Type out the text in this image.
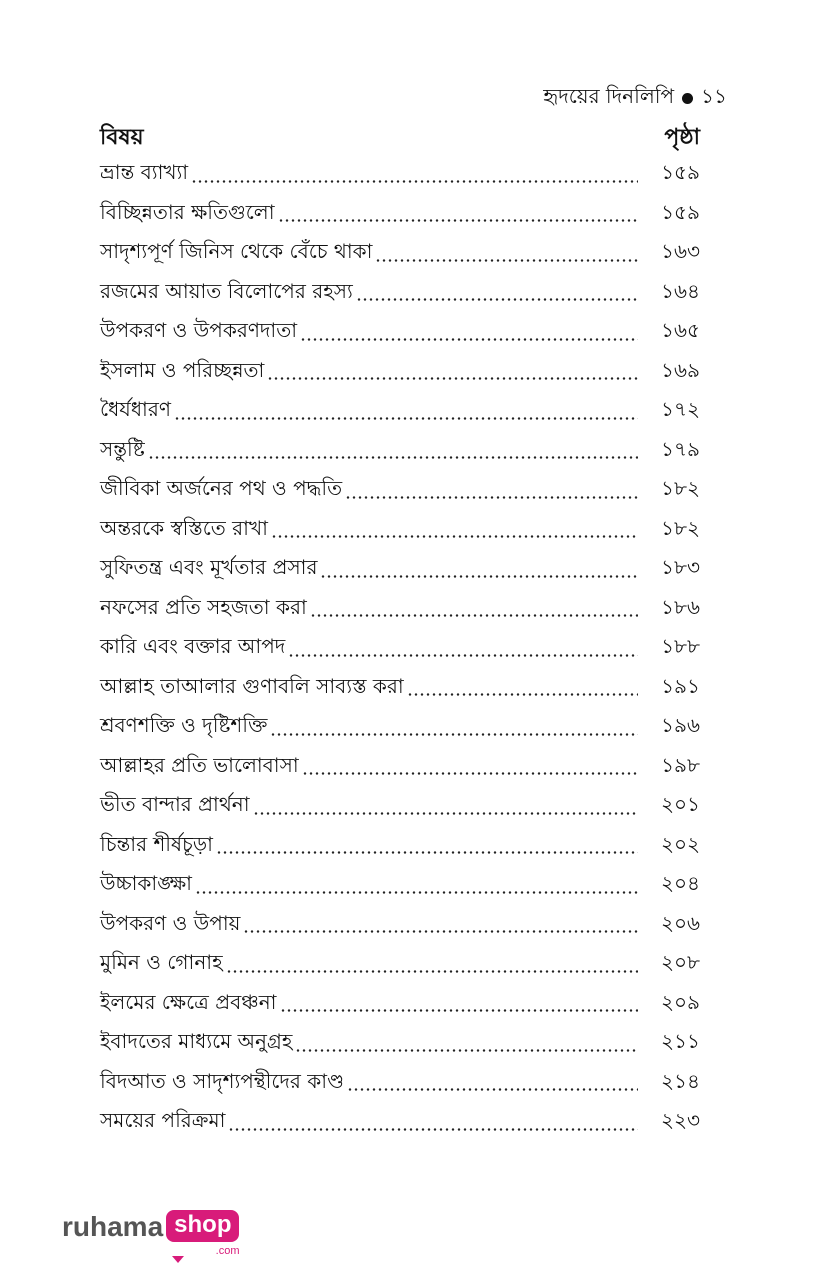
হৃদয়ের দিনলিপি ১১
বিষয়	পৃষ্ঠা
ভ্রান্ত ব্যাখ্যা	১৫৯
বিচ্ছিন্নতার ক্ষতিগুলো	১৫৯
সাদৃশ্যপূর্ণ জিনিস থেকে বেঁচে থাকা	১৬৩
রজমের আয়াত বিলোপের রহস্য	১৬৪
উপকরণ ও উপকরণদাতা	১৬৫
ইসলাম ও পরিচ্ছন্নতা	১৬৯
ধৈর্যধারণ	১৭২
সন্তুষ্টি	১৭৯
জীবিকা অর্জনের পথ ও পদ্ধতি	১৮২
অন্তরকে স্বস্তিতে রাখা	১৮২
সুফিতন্ত্র এবং মূর্খতার প্রসার	১৮৩
নফসের প্রতি সহজতা করা	১৮৬
কারি এবং বক্তার আপদ	১৮৮
আল্লাহ তাআলার গুণাবলি সাব্যস্ত করা	১৯১
শ্রবণশক্তি ও দৃষ্টিশক্তি	১৯৬
আল্লাহর প্রতি ভালোবাসা	১৯৮
ভীত বান্দার প্রার্থনা	২০১
চিন্তার শীর্ষচূড়া	২০২
উচ্চাকাঙ্ক্ষা	২০৪
উপকরণ ও উপায়	২০৬
মুমিন ও গোনাহ	২০৮
ইলমের ক্ষেত্রে প্রবঞ্চনা	২০৯
ইবাদতের মাধ্যমে অনুগ্রহ	২১১
বিদআত ও সাদৃশ্যপন্থীদের কাণ্ড	২১৪
সময়ের পরিক্রমা	২২৩
ruhama shop
.com
